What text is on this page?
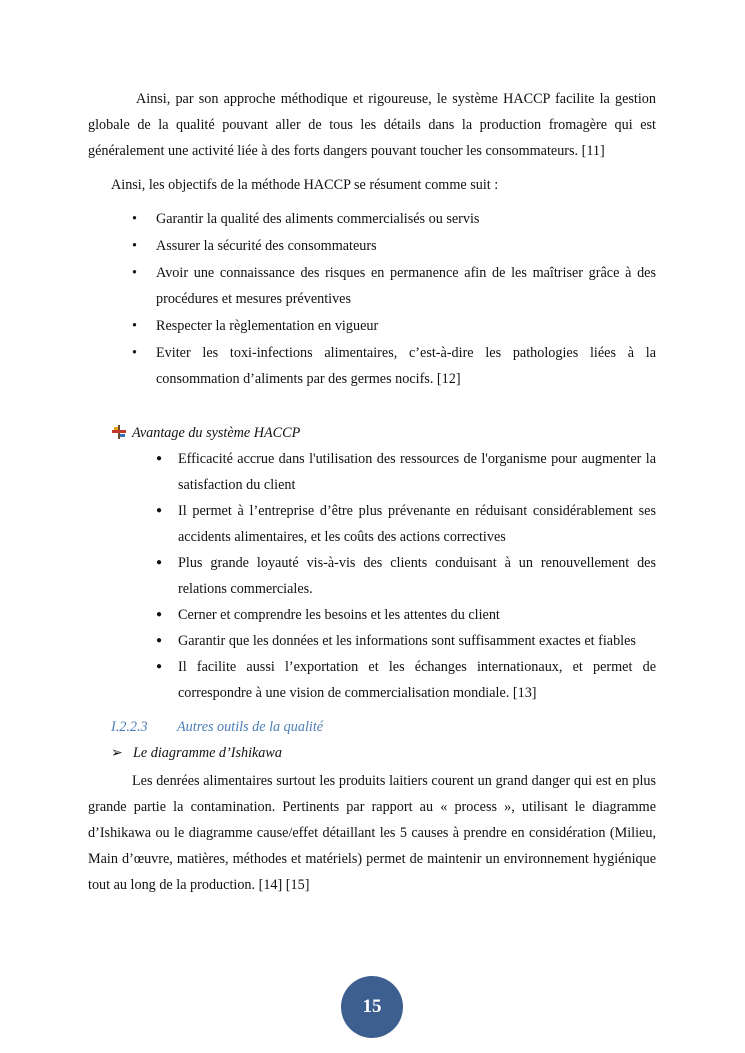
Ainsi, par son approche méthodique et rigoureuse, le système HACCP facilite la gestion globale de la qualité pouvant aller de tous les détails dans la production fromagère qui est généralement une activité liée à des forts dangers pouvant toucher les consommateurs. [11]

Ainsi, les objectifs de la méthode HACCP se résument comme suit :

• Garantir la qualité des aliments commercialisés ou servis
• Assurer la sécurité des consommateurs
• Avoir une connaissance des risques en permanence afin de les maîtriser grâce à des procédures et mesures préventives
• Respecter la règlementation en vigueur
• Eviter les toxi-infections alimentaires, c’est-à-dire les pathologies liées à la consommation d’aliments par des germes nocifs. [12]
Avantage du système HACCP
● Efficacité accrue dans l'utilisation des ressources de l'organisme pour augmenter la satisfaction du client
● Il permet à l’entreprise d’être plus prévenante en réduisant considérablement ses accidents alimentaires, et les coûts des actions correctives
● Plus grande loyauté vis-à-vis des clients conduisant à un renouvellement des relations commerciales.
● Cerner et comprendre les besoins et les attentes du client
● Garantir que les données et les informations sont suffisamment exactes et fiables
● Il facilite aussi l’exportation et les échanges internationaux, et permet de correspondre à une vision de commercialisation mondiale. [13]
I.2.2.3 Autres outils de la qualité
➢ Le diagramme d’Ishikawa

Les denrées alimentaires surtout les produits laitiers courent un grand danger qui est en plus grande partie la contamination. Pertinents par rapport au « process », utilisant le diagramme d’Ishikawa ou le diagramme cause/effet détaillant les 5 causes à prendre en considération (Milieu, Main d’œuvre, matières, méthodes et matériels) permet de maintenir un environnement hygiénique tout au long de la production. [14] [15]

15
